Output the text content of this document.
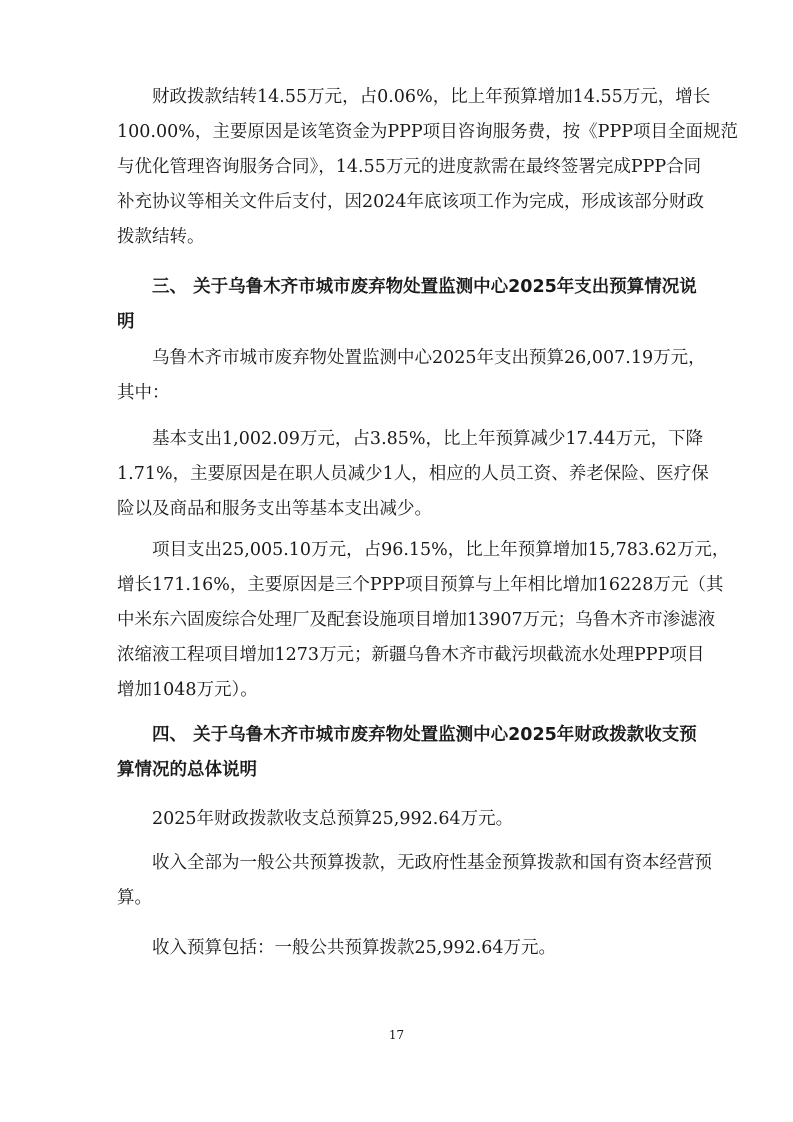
　　财政拨款结转14.55万元，占0.06%，比上年预算增加14.55万元，增长
100.00%，主要原因是该笔资金为PPP项目咨询服务费，按《PPP项目全面规范
与优化管理咨询服务合同》，14.55万元的进度款需在最终签署完成PPP合同
补充协议等相关文件后支付，因2024年底该项工作为完成，形成该部分财政
拨款结转。
　　三、 关于乌鲁木齐市城市废弃物处置监测中心2025年支出预算情况说
明
　　乌鲁木齐市城市废弃物处置监测中心2025年支出预算26,007.19万元，
其中：
　　基本支出1,002.09万元，占3.85%，比上年预算减少17.44万元，下降
1.71%，主要原因是在职人员减少1人，相应的人员工资、养老保险、医疗保
险以及商品和服务支出等基本支出减少。
　　项目支出25,005.10万元，占96.15%，比上年预算增加15,783.62万元，
增长171.16%，主要原因是三个PPP项目预算与上年相比增加16228万元（其
中米东六固废综合处理厂及配套设施项目增加13907万元；乌鲁木齐市渗滤液
浓缩液工程项目增加1273万元；新疆乌鲁木齐市截污坝截流水处理PPP项目
增加1048万元）。
　　四、 关于乌鲁木齐市城市废弃物处置监测中心2025年财政拨款收支预
算情况的总体说明
　　2025年财政拨款收支总预算25,992.64万元。
　　收入全部为一般公共预算拨款，无政府性基金预算拨款和国有资本经营预
算。
　　收入预算包括：一般公共预算拨款25,992.64万元。
17
